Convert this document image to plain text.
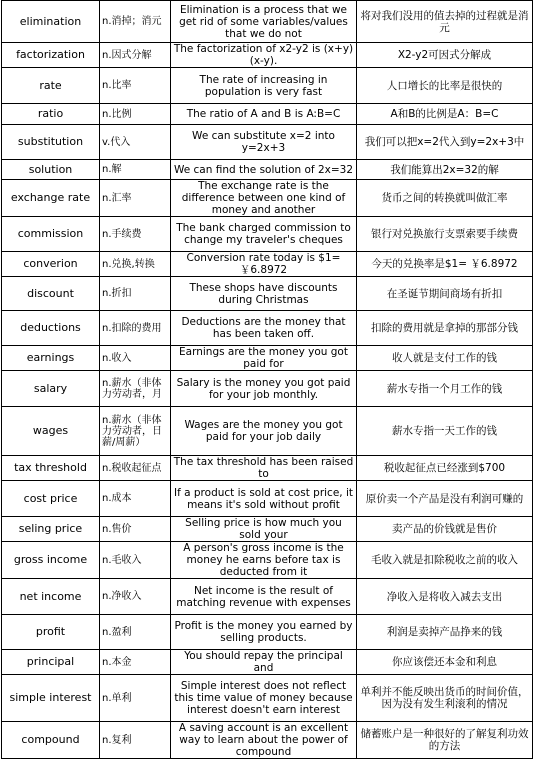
elimination	n.消掉；消元	Elimination is a process that we get rid of some variables/values that we do not	将对我们没用的值去掉的过程就是消元
factorization	n.因式分解	The factorization of x2-y2 is (x+y)(x-y).	X2-y2可因式分解成
rate	n.比率	The rate of increasing in population is very fast	人口增长的比率是很快的
ratio	n.比例	The ratio of A and B is A:B=C	A和B的比例是A：B=C
substitution	v.代入	We can substitute x=2 into y=2x+3	我们可以把x=2代入到y=2x+3中
solution	n.解	We can find the solution of 2x=32	我们能算出2x=32的解
exchange rate	n.汇率	The exchange rate is the difference between one kind of money and another	货币之间的转换就叫做汇率
commission	n.手续费	The bank charged commission to change my traveler's cheques	银行对兑换旅行支票索要手续费
converion	n.兑换,转换	Conversion rate today is $1= ￥6.8972	今天的兑换率是$1= ￥6.8972
discount	n.折扣	These shops have discounts during Christmas	在圣诞节期间商场有折扣
deductions	n.扣除的费用	Deductions are the money that has been taken off.	扣除的费用就是拿掉的那部分钱
earnings	n.收入	Earnings are the money you got paid for	收人就是支付工作的钱
salary	n.薪水（非体力劳动者，月	Salary is the money you got paid for your job monthly.	薪水专指一个月工作的钱
wages	n.薪水（非体力劳动者，日薪/周薪）	Wages are the money you got paid for your job daily	薪水专指一天工作的钱
tax threshold	n.税收起征点	The tax threshold has been raised to	税收起征点已经涨到$700
cost price	n.成本	If a product is sold at cost price, it means it's sold without profit	原价卖一个产品是没有利润可赚的
seling price	n.售价	Selling price is how much you sold your	卖产品的价钱就是售价
gross income	n.毛收入	A person's gross income is the money he earns before tax is deducted from it	毛收入就是扣除税收之前的收入
net income	n.净收入	Net income is the result of matching revenue with expenses	净收入是将收入减去支出
profit	n.盈利	Profit is the money you earned by selling products.	利润是卖掉产品挣来的钱
principal	n.本金	You should repay the principal and	你应该偿还本金和利息
simple interest	n.单利	Simple interest does not reflect this time value of money because interest doesn't earn interest	单利并不能反映出货币的时间价值，因为没有发生利滚利的情况
compound	n.复利	A saving account is an excellent way to learn about the power of compound	储蓄账户是一种很好的了解复利功效的方法
